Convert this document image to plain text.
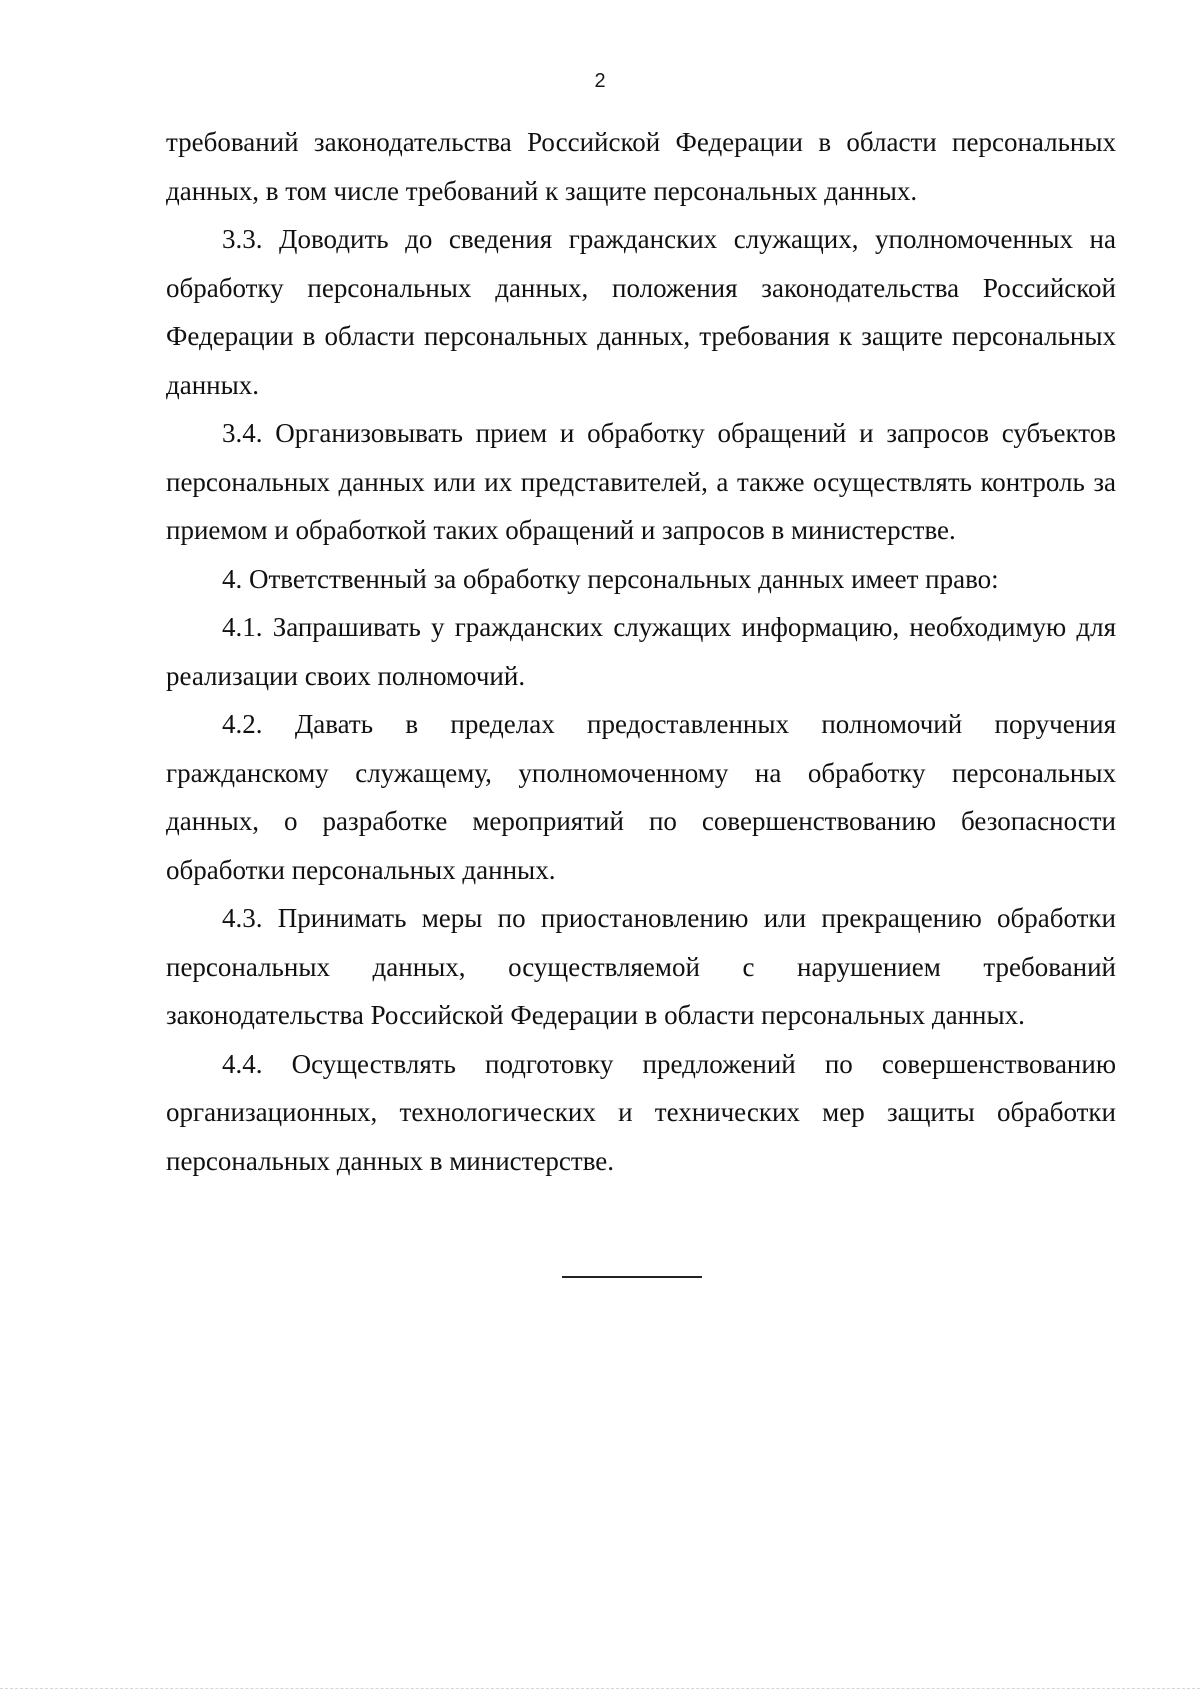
2

требований законодательства Российской Федерации в области персональных данных, в том числе требований к защите персональных данных.

3.3. Доводить до сведения гражданских служащих, уполномоченных на обработку персональных данных, положения законодательства Российской Федерации в области персональных данных, требования к защите персональных данных.

3.4. Организовывать прием и обработку обращений и запросов субъектов персональных данных или их представителей, а также осуществлять контроль за приемом и обработкой таких обращений и запросов в министерстве.

4. Ответственный за обработку персональных данных имеет право:

4.1. Запрашивать у гражданских служащих информацию, необходимую для реализации своих полномочий.

4.2. Давать в пределах предоставленных полномочий поручения гражданскому служащему, уполномоченному на обработку персональных данных, о разработке мероприятий по совершенствованию безопасности обработки персональных данных.

4.3. Принимать меры по приостановлению или прекращению обработки персональных данных, осуществляемой с нарушением требований законодательства Российской Федерации в области персональных данных.

4.4. Осуществлять подготовку предложений по совершенствованию организационных, технологических и технических мер защиты обработки персональных данных в министерстве.
